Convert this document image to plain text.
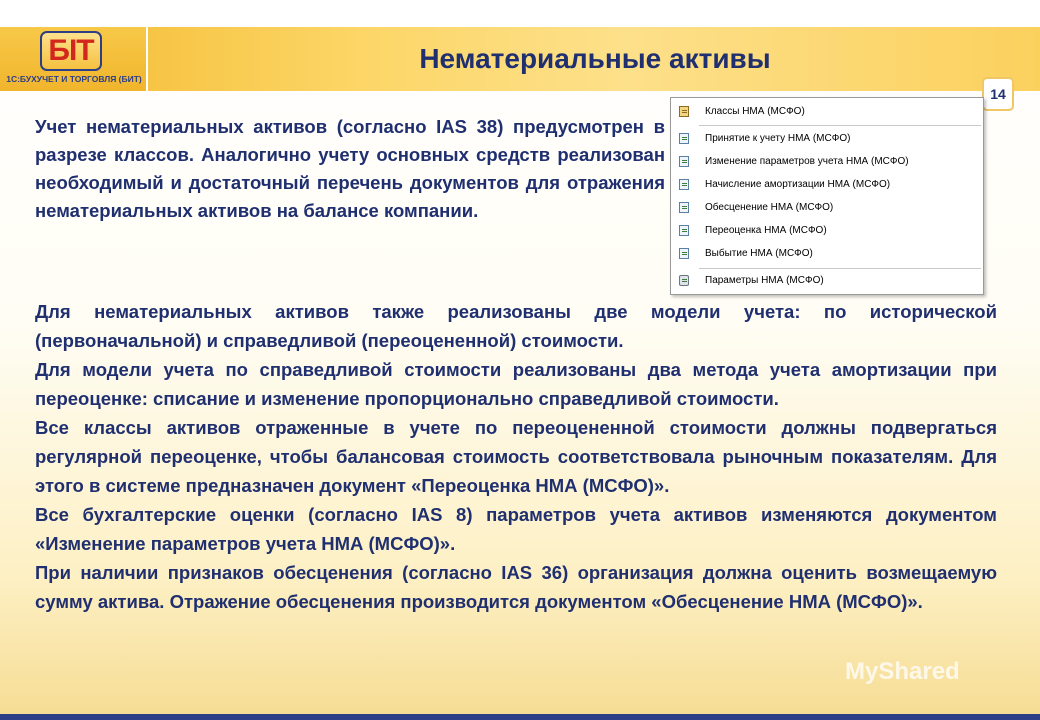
БIТ
1С:БУХУЧЕТ И ТОРГОВЛЯ (БИТ)
Нематериальные активы
14

Учет нематериальных активов (согласно IAS 38) предусмотрен в разрезе классов. Аналогично учету основных средств реализован необходимый и достаточный перечень документов для отражения нематериальных активов на балансе компании.

Классы НМА (МСФО)
Принятие к учету НМА (МСФО)
Изменение параметров учета НМА (МСФО)
Начисление амортизации НМА (МСФО)
Обесценение НМА (МСФО)
Переоценка НМА (МСФО)
Выбытие НМА (МСФО)
Параметры НМА (МСФО)

Для нематериальных активов также реализованы две модели учета: по исторической (первоначальной) и справедливой (переоцененной) стоимости.

Для модели учета по справедливой стоимости реализованы два метода учета амортизации при переоценке: списание и изменение пропорционально справедливой стоимости.

Все классы активов отраженные в учете по переоцененной стоимости должны подвергаться регулярной переоценке, чтобы балансовая стоимость соответствовала рыночным показателям. Для этого в системе предназначен документ «Переоценка НМА (МСФО)».

Все бухгалтерские оценки (согласно IAS 8) параметров учета активов изменяются документом «Изменение параметров учета НМА (МСФО)».

При наличии признаков обесценения (согласно IAS 36) организация должна оценить возмещаемую сумму актива. Отражение обесценения производится документом «Обесценение НМА (МСФО)».

MyShared
